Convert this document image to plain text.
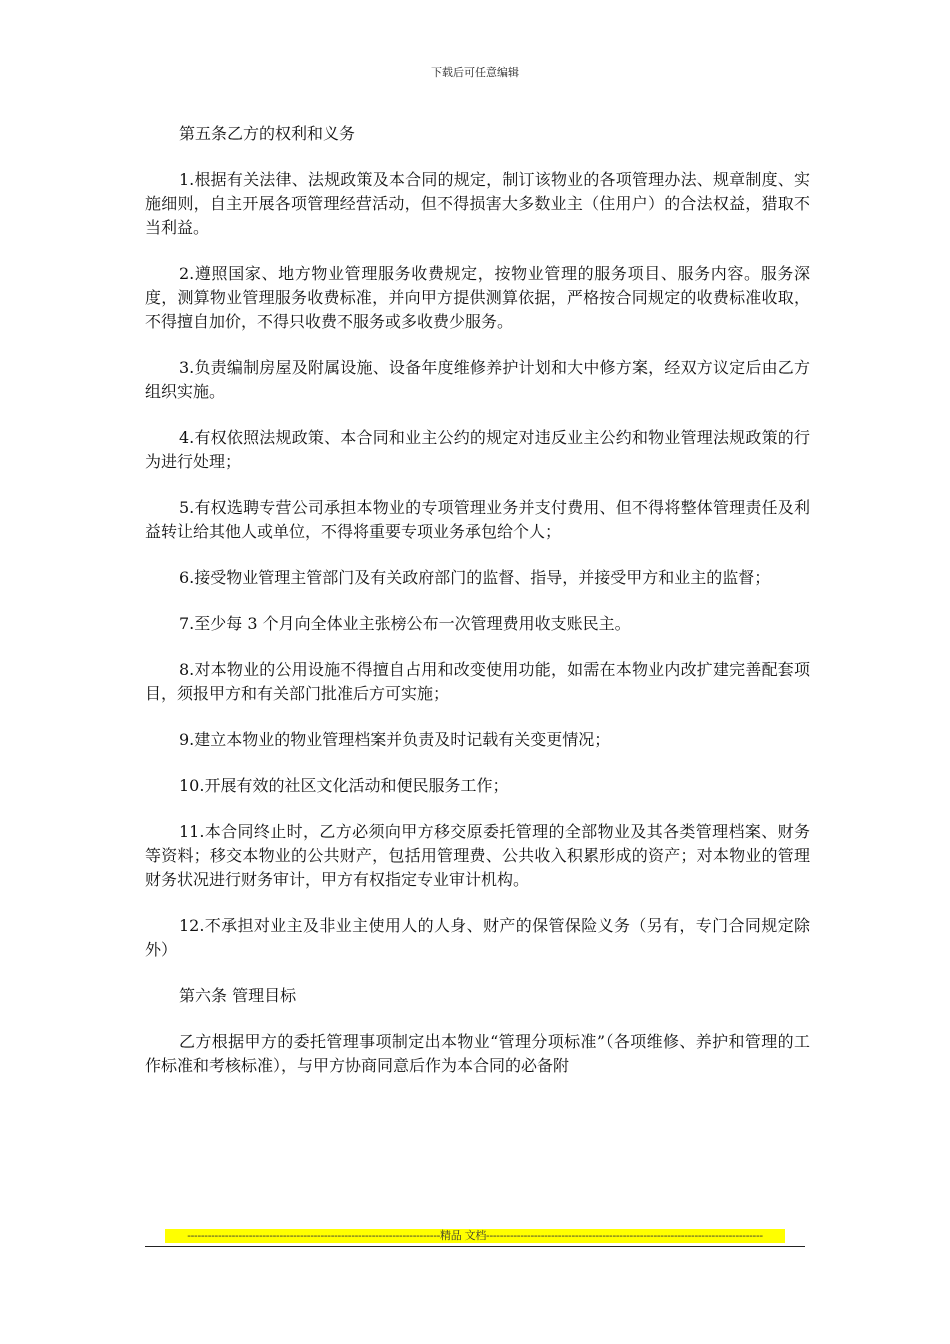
下载后可任意编辑

第五条乙方的权利和义务

1.根据有关法律、法规政策及本合同的规定，制订该物业的各项管理办法、规章制度、实施细则，自主开展各项管理经营活动，但不得损害大多数业主（住用户）的合法权益，猎取不当利益。

2.遵照国家、地方物业管理服务收费规定，按物业管理的服务项目、服务内容。服务深度，测算物业管理服务收费标准，并向甲方提供测算依据，严格按合同规定的收费标准收取，不得擅自加价，不得只收费不服务或多收费少服务。

3.负责编制房屋及附属设施、设备年度维修养护计划和大中修方案，经双方议定后由乙方组织实施。

4.有权依照法规政策、本合同和业主公约的规定对违反业主公约和物业管理法规政策的行为进行处理；

5.有权选聘专营公司承担本物业的专项管理业务并支付费用、但不得将整体管理责任及利益转让给其他人或单位，不得将重要专项业务承包给个人；

6.接受物业管理主管部门及有关政府部门的监督、指导，并接受甲方和业主的监督；

7.至少每 3 个月向全体业主张榜公布一次管理费用收支账民主。

8.对本物业的公用设施不得擅自占用和改变使用功能，如需在本物业内改扩建完善配套项目，须报甲方和有关部门批准后方可实施；

9.建立本物业的物业管理档案并负责及时记载有关变更情况；

10.开展有效的社区文化活动和便民服务工作；

11.本合同终止时，乙方必须向甲方移交原委托管理的全部物业及其各类管理档案、财务等资料；移交本物业的公共财产，包括用管理费、公共收入积累形成的资产；对本物业的管理财务状况进行财务审计，甲方有权指定专业审计机构。

12.不承担对业主及非业主使用人的人身、财产的保管保险义务（另有，专门合同规定除外）

第六条 管理目标

乙方根据甲方的委托管理事项制定出本物业“管理分项标准”（各项维修、养护和管理的工作标准和考核标准），与甲方协商同意后作为本合同的必备附

--------------------------------------------------------------------------精品 文档---------------------------------------------------------------------------------
